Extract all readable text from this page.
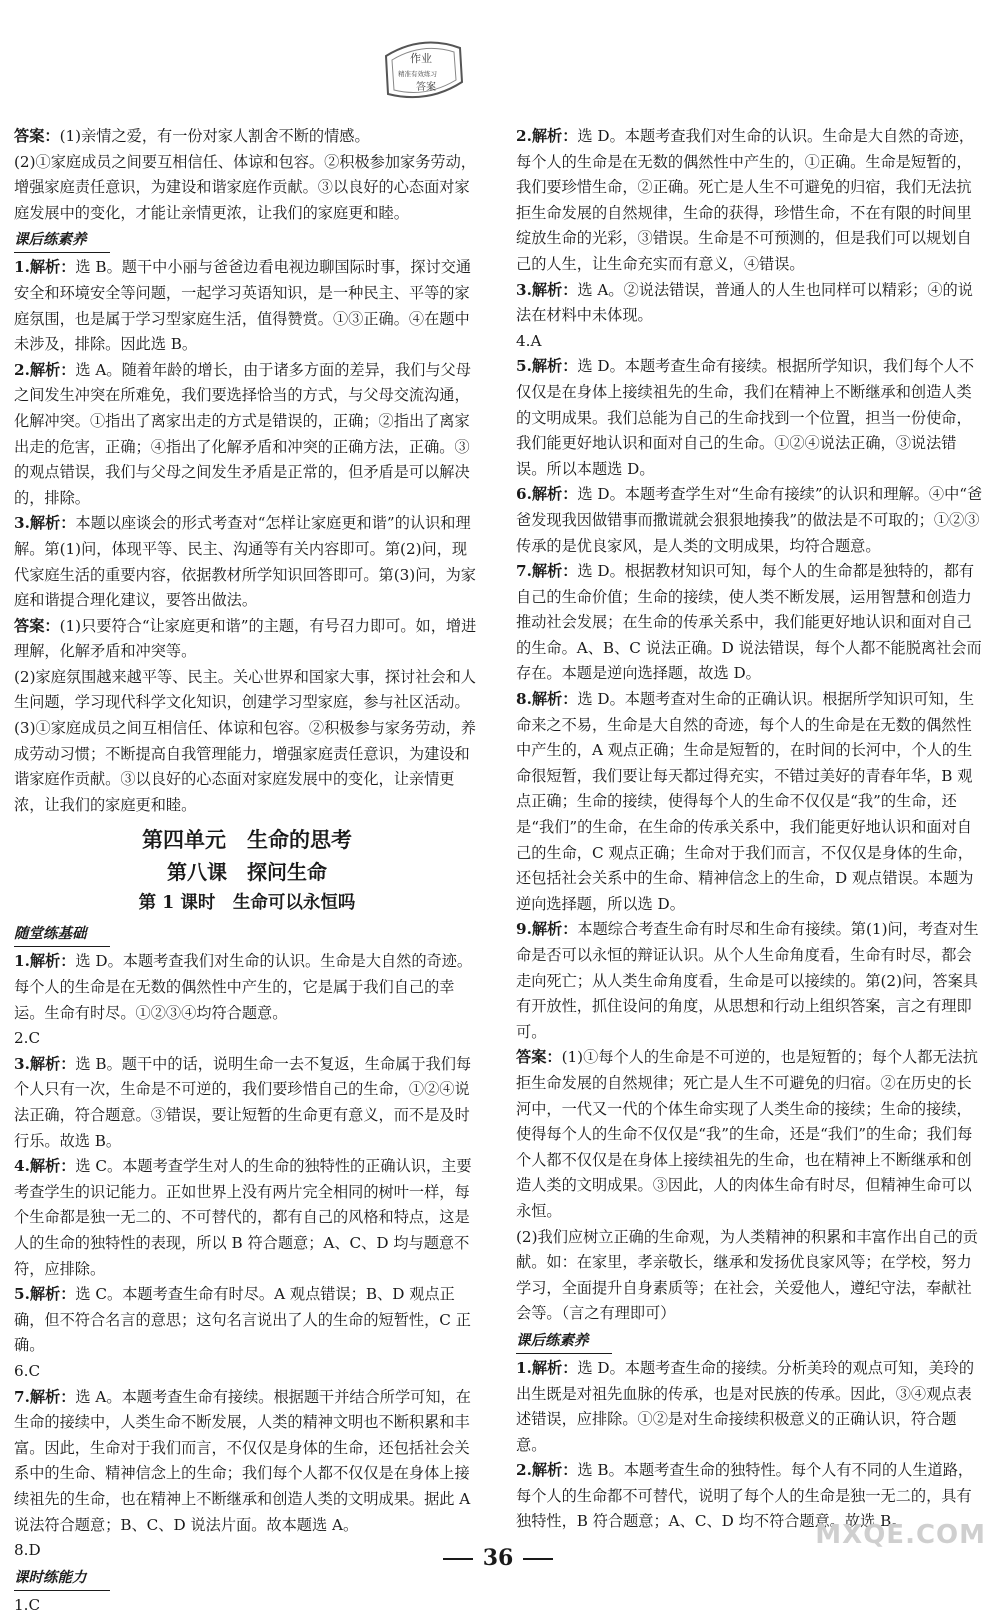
作业
精准有效练习
答案

答案：(1)亲情之爱，有一份对家人割舍不断的情感。

(2)①家庭成员之间要互相信任、体谅和包容。②积极参加家务劳动，增强家庭责任意识，为建设和谐家庭作贡献。③以良好的心态面对家庭发展中的变化，才能让亲情更浓，让我们的家庭更和睦。

课后练素养

1.解析：选 B。题干中小丽与爸爸边看电视边聊国际时事，探讨交通安全和环境安全等问题，一起学习英语知识，是一种民主、平等的家庭氛围，也是属于学习型家庭生活，值得赞赏。①③正确。④在题中未涉及，排除。因此选 B。

2.解析：选 A。随着年龄的增长，由于诸多方面的差异，我们与父母之间发生冲突在所难免，我们要选择恰当的方式，与父母交流沟通，化解冲突。①指出了离家出走的方式是错误的，正确；②指出了离家出走的危害，正确；④指出了化解矛盾和冲突的正确方法，正确。③的观点错误，我们与父母之间发生矛盾是正常的，但矛盾是可以解决的，排除。

3.解析：本题以座谈会的形式考查对“怎样让家庭更和谐”的认识和理解。第(1)问，体现平等、民主、沟通等有关内容即可。第(2)问，现代家庭生活的重要内容，依据教材所学知识回答即可。第(3)问，为家庭和谐提合理化建议，要答出做法。

答案：(1)只要符合“让家庭更和谐”的主题，有号召力即可。如，增进理解，化解矛盾和冲突等。

(2)家庭氛围越来越平等、民主。关心世界和国家大事，探讨社会和人生问题，学习现代科学文化知识，创建学习型家庭，参与社区活动。

(3)①家庭成员之间互相信任、体谅和包容。②积极参与家务劳动，养成劳动习惯；不断提高自我管理能力，增强家庭责任意识，为建设和谐家庭作贡献。③以良好的心态面对家庭发展中的变化，让亲情更浓，让我们的家庭更和睦。

第四单元　生命的思考
第八课　探问生命
第 1 课时　生命可以永恒吗
随堂练基础

1.解析：选 D。本题考查我们对生命的认识。生命是大自然的奇迹。每个人的生命是在无数的偶然性中产生的，它是属于我们自己的幸运。生命有时尽。①②③④均符合题意。

2.C

3.解析：选 B。题干中的话，说明生命一去不复返，生命属于我们每个人只有一次，生命是不可逆的，我们要珍惜自己的生命，①②④说法正确，符合题意。③错误，要让短暂的生命更有意义，而不是及时行乐。故选 B。

4.解析：选 C。本题考查学生对人的生命的独特性的正确认识，主要考查学生的识记能力。正如世界上没有两片完全相同的树叶一样，每个生命都是独一无二的、不可替代的，都有自己的风格和特点，这是人的生命的独特性的表现，所以 B 符合题意；A、C、D 均与题意不符，应排除。

5.解析：选 C。本题考查生命有时尽。A 观点错误；B、D 观点正确，但不符合名言的意思；这句名言说出了人的生命的短暂性，C 正确。

6.C

7.解析：选 A。本题考查生命有接续。根据题干并结合所学可知，在生命的接续中，人类生命不断发展，人类的精神文明也不断积累和丰富。因此，生命对于我们而言，不仅仅是身体的生命，还包括社会关系中的生命、精神信念上的生命；我们每个人都不仅仅是在身体上接续祖先的生命，也在精神上不断继承和创造人类的文明成果。据此 A 说法符合题意；B、C、D 说法片面。故本题选 A。

8.D

课时练能力

1.C

2.解析：选 D。本题考查我们对生命的认识。生命是大自然的奇迹，每个人的生命是在无数的偶然性中产生的，①正确。生命是短暂的，我们要珍惜生命，②正确。死亡是人生不可避免的归宿，我们无法抗拒生命发展的自然规律，生命的获得，珍惜生命，不在有限的时间里绽放生命的光彩，③错误。生命是不可预测的，但是我们可以规划自己的人生，让生命充实而有意义，④错误。

3.解析：选 A。②说法错误，普通人的人生也同样可以精彩；④的说法在材料中未体现。

4.A

5.解析：选 D。本题考查生命有接续。根据所学知识，我们每个人不仅仅是在身体上接续祖先的生命，我们在精神上不断继承和创造人类的文明成果。我们总能为自己的生命找到一个位置，担当一份使命，我们能更好地认识和面对自己的生命。①②④说法正确，③说法错误。所以本题选 D。

6.解析：选 D。本题考查学生对“生命有接续”的认识和理解。④中“爸爸发现我因做错事而撒谎就会狠狠地揍我”的做法是不可取的；①②③传承的是优良家风，是人类的文明成果，均符合题意。

7.解析：选 D。根据教材知识可知，每个人的生命都是独特的，都有自己的生命价值；生命的接续，使人类不断发展，运用智慧和创造力推动社会发展；在生命的传承关系中，我们能更好地认识和面对自己的生命。A、B、C 说法正确。D 说法错误，每个人都不能脱离社会而存在。本题是逆向选择题，故选 D。

8.解析：选 D。本题考查对生命的正确认识。根据所学知识可知，生命来之不易，生命是大自然的奇迹，每个人的生命是在无数的偶然性中产生的，A 观点正确；生命是短暂的，在时间的长河中，个人的生命很短暂，我们要让每天都过得充实，不错过美好的青春年华，B 观点正确；生命的接续，使得每个人的生命不仅仅是“我”的生命，还是“我们”的生命，在生命的传承关系中，我们能更好地认识和面对自己的生命，C 观点正确；生命对于我们而言，不仅仅是身体的生命，还包括社会关系中的生命、精神信念上的生命，D 观点错误。本题为逆向选择题，所以选 D。

9.解析：本题综合考查生命有时尽和生命有接续。第(1)问，考查对生命是否可以永恒的辩证认识。从个人生命角度看，生命有时尽，都会走向死亡；从人类生命角度看，生命是可以接续的。第(2)问，答案具有开放性，抓住设问的角度，从思想和行动上组织答案，言之有理即可。

答案：(1)①每个人的生命是不可逆的，也是短暂的；每个人都无法抗拒生命发展的自然规律；死亡是人生不可避免的归宿。②在历史的长河中，一代又一代的个体生命实现了人类生命的接续；生命的接续，使得每个人的生命不仅仅是“我”的生命，还是“我们”的生命；我们每个人都不仅仅是在身体上接续祖先的生命，也在精神上不断继承和创造人类的文明成果。③因此，人的肉体生命有时尽，但精神生命可以永恒。

(2)我们应树立正确的生命观，为人类精神的积累和丰富作出自己的贡献。如：在家里，孝亲敬长，继承和发扬优良家风等；在学校，努力学习，全面提升自身素质等；在社会，关爱他人，遵纪守法，奉献社会等。（言之有理即可）

课后练素养

1.解析：选 D。本题考查生命的接续。分析美玲的观点可知，美玲的出生既是对祖先血脉的传承，也是对民族的传承。因此，③④观点表述错误，应排除。①②是对生命接续积极意义的正确认识，符合题意。

2.解析：选 B。本题考查生命的独特性。每个人有不同的人生道路，每个人的生命都不可替代，说明了每个人的生命是独一无二的，具有独特性，B 符合题意；A、C、D 均不符合题意。故选 B。

36
MXQE.COM
